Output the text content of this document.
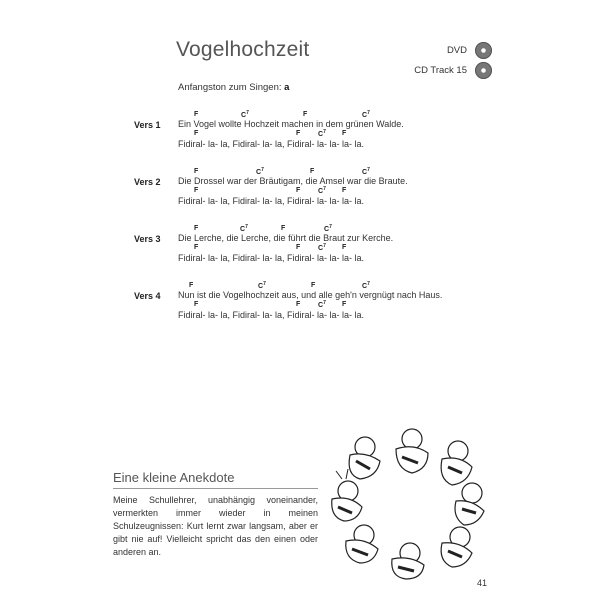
Vogelhochzeit	DVD
CD Track 15
Anfangston zum Singen: a
F	$C^7$	F	$C^7$
Vers 1 Ein Vogel wollte Hochzeit machen in dem grünen Walde.
F	F	$C^7$ F
Fidiral- la- la, Fidiral- la- la, Fidiral- la- la- la- la.
F	$C^7$	F	$C^7$
Vers 2 Die Drossel war der Bräutigam, die Amsel war die Braute.
F	F	$C^7$ F
Fidiral- la- la, Fidiral- la- la, Fidiral- la- la- la- la.
F	$C^7$	F	$C^7$
Vers 3 Die Lerche, die Lerche, die führt die Braut zur Kerche.
F	F	$C^7$ F
Fidiral- la- la, Fidiral- la- la, Fidiral- la- la- la- la.
F	$C^7$	F	$C^7$
Vers 4 Nun ist die Vogelhochzeit aus, und alle geh'n vergnügt nach Haus.
F	F	$C^7$ F
Fidiral- la- la, Fidiral- la- la, Fidiral- la- la- la- la.
Eine kleine Anekdote
Meine Schullehrer, unabhängig voneinander, vermerkten immer wieder in meinen Schulzeugnissen: Kurt lernt zwar langsam, aber er gibt nie auf! Vielleicht spricht das den einen oder anderen an.
41
